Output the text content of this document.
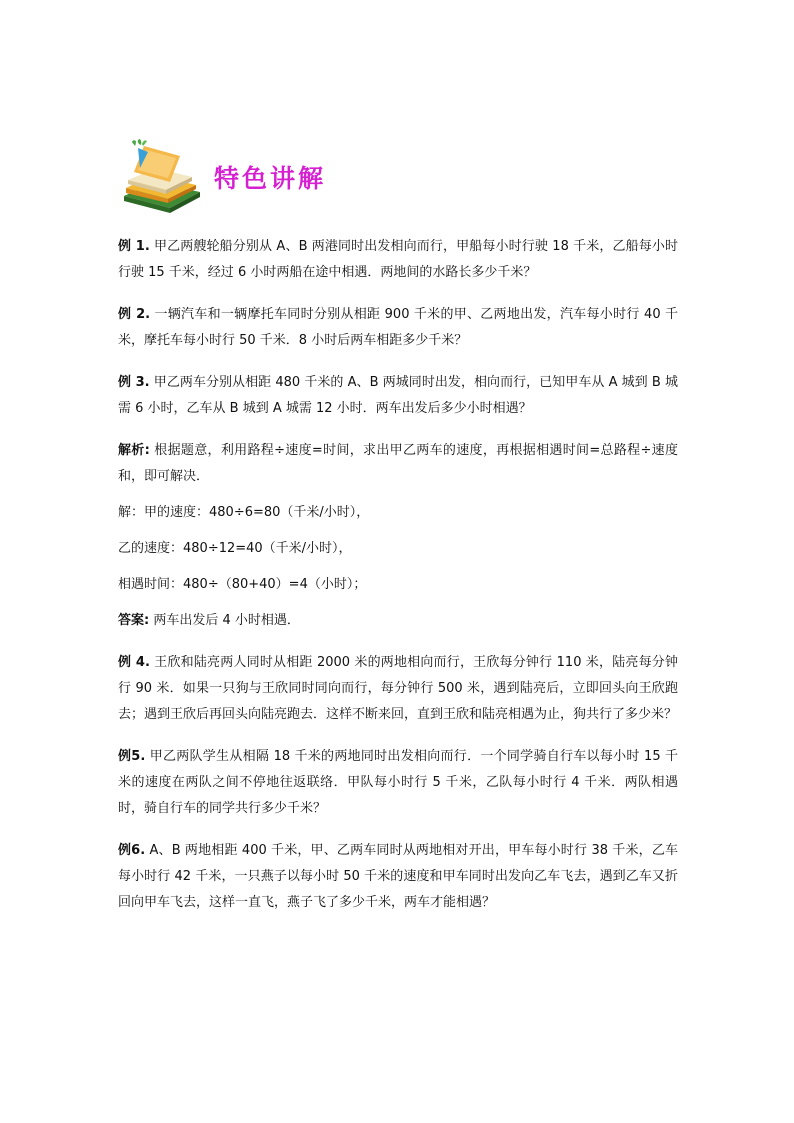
特色讲解

例 1. 甲乙两艘轮船分别从 A、B 两港同时出发相向而行，甲船每小时行驶 18 千米，乙船每小时行驶 15 千米，经过 6 小时两船在途中相遇．两地间的水路长多少千米？

例 2. 一辆汽车和一辆摩托车同时分别从相距 900 千米的甲、乙两地出发，汽车每小时行 40 千米，摩托车每小时行 50 千米．8 小时后两车相距多少千米？

例 3. 甲乙两车分别从相距 480 千米的 A、B 两城同时出发，相向而行，已知甲车从 A 城到 B 城需 6 小时，乙车从 B 城到 A 城需 12 小时．两车出发后多少小时相遇？

解析: 根据题意，利用路程÷速度=时间，求出甲乙两车的速度，再根据相遇时间=总路程÷速度和，即可解决．

解：甲的速度：480÷6=80（千米/小时），

乙的速度：480÷12=40（千米/小时），

相遇时间：480÷（80+40）=4（小时）；

答案: 两车出发后 4 小时相遇．

例 4. 王欣和陆亮两人同时从相距 2000 米的两地相向而行，王欣每分钟行 110 米，陆亮每分钟行 90 米．如果一只狗与王欣同时同向而行，每分钟行 500 米，遇到陆亮后，立即回头向王欣跑去；遇到王欣后再回头向陆亮跑去．这样不断来回，直到王欣和陆亮相遇为止，狗共行了多少米？

例5. 甲乙两队学生从相隔 18 千米的两地同时出发相向而行．一个同学骑自行车以每小时 15 千米的速度在两队之间不停地往返联络．甲队每小时行 5 千米，乙队每小时行 4 千米．两队相遇时，骑自行车的同学共行多少千米？

例6. A、B 两地相距 400 千米，甲、乙两车同时从两地相对开出，甲车每小时行 38 千米，乙车每小时行 42 千米，一只燕子以每小时 50 千米的速度和甲车同时出发向乙车飞去，遇到乙车又折回向甲车飞去，这样一直飞，燕子飞了多少千米，两车才能相遇？
